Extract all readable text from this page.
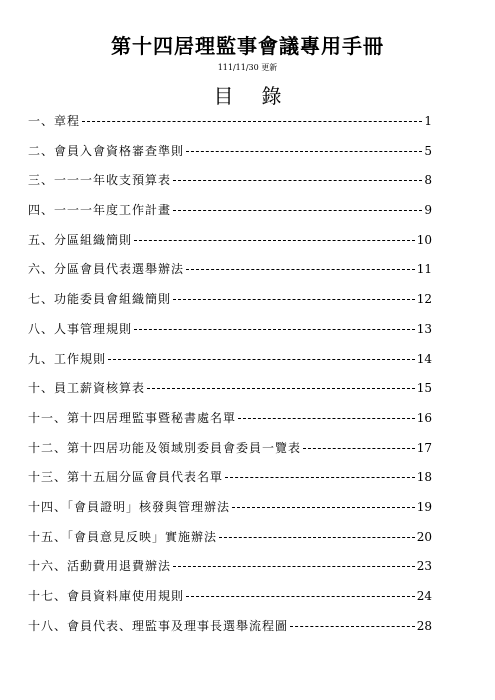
第十四居理監事會議專用手冊
111/11/30 更新
目錄
一、章程	1
二、會員入會資格審查準則	5
三、一一一年收支預算表	8
四、一一一年度工作計畫	9
五、分區組織簡則	10
六、分區會員代表選舉辦法	11
七、功能委員會組織簡則	12
八、人事管理規則	13
九、工作規則	14
十、員工薪資核算表	15
十一、第十四居理監事暨秘書處名單	16
十二、第十四居功能及領域別委員會委員一覽表	17
十三、第十五屆分區會員代表名單	18
十四、「會員證明」核發與管理辦法	19
十五、「會員意見反映」實施辦法	20
十六、活動費用退費辦法	23
十七、會員資料庫使用規則	24
十八、會員代表、理監事及理事長選舉流程圖	28
